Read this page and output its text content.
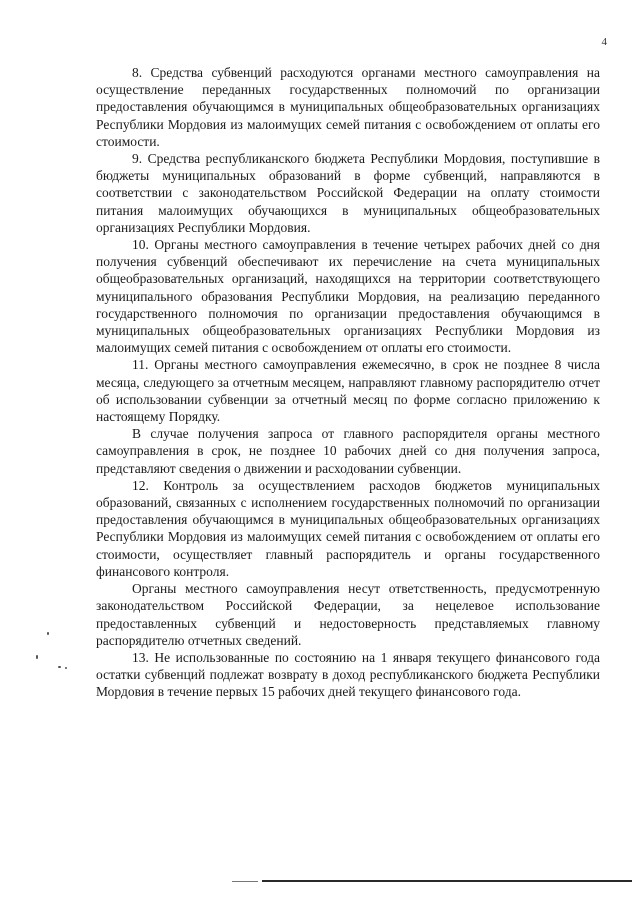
4

8. Средства субвенций расходуются органами местного самоуправления на осуществление переданных государственных полномочий по организации предоставления обучающимся в муниципальных общеобразовательных организациях Республики Мордовия из малоимущих семей питания с освобождением от оплаты его стоимости.

9. Средства республиканского бюджета Республики Мордовия, поступившие в бюджеты муниципальных образований в форме субвенций, направляются в соответствии с законодательством Российской Федерации на оплату стоимости питания малоимущих обучающихся в муниципальных общеобразовательных организациях Республики Мордовия.

10. Органы местного самоуправления в течение четырех рабочих дней со дня получения субвенций обеспечивают их перечисление на счета муниципальных общеобразовательных организаций, находящихся на территории соответствующего муниципального образования Республики Мордовия, на реализацию переданного государственного полномочия по организации предоставления обучающимся в муниципальных общеобразовательных организациях Республики Мордовия из малоимущих семей питания с освобождением от оплаты его стоимости.

11. Органы местного самоуправления ежемесячно, в срок не позднее 8 числа месяца, следующего за отчетным месяцем, направляют главному распорядителю отчет об использовании субвенции за отчетный месяц по форме согласно приложению к настоящему Порядку.

В случае получения запроса от главного распорядителя органы местного самоуправления в срок, не позднее 10 рабочих дней со дня получения запроса, представляют сведения о движении и расходовании субвенции.

12. Контроль за осуществлением расходов бюджетов муниципальных образований, связанных с исполнением государственных полномочий по организации предоставления обучающимся в муниципальных общеобразовательных организациях Республики Мордовия из малоимущих семей питания с освобождением от оплаты его стоимости, осуществляет главный распорядитель и органы государственного финансового контроля.

Органы местного самоуправления несут ответственность, предусмотренную законодательством Российской Федерации, за нецелевое использование предоставленных субвенций и недостоверность представляемых главному распорядителю отчетных сведений.

13. Не использованные по состоянию на 1 января текущего финансового года остатки субвенций подлежат возврату в доход республиканского бюджета Республики Мордовия в течение первых 15 рабочих дней текущего финансового года.
